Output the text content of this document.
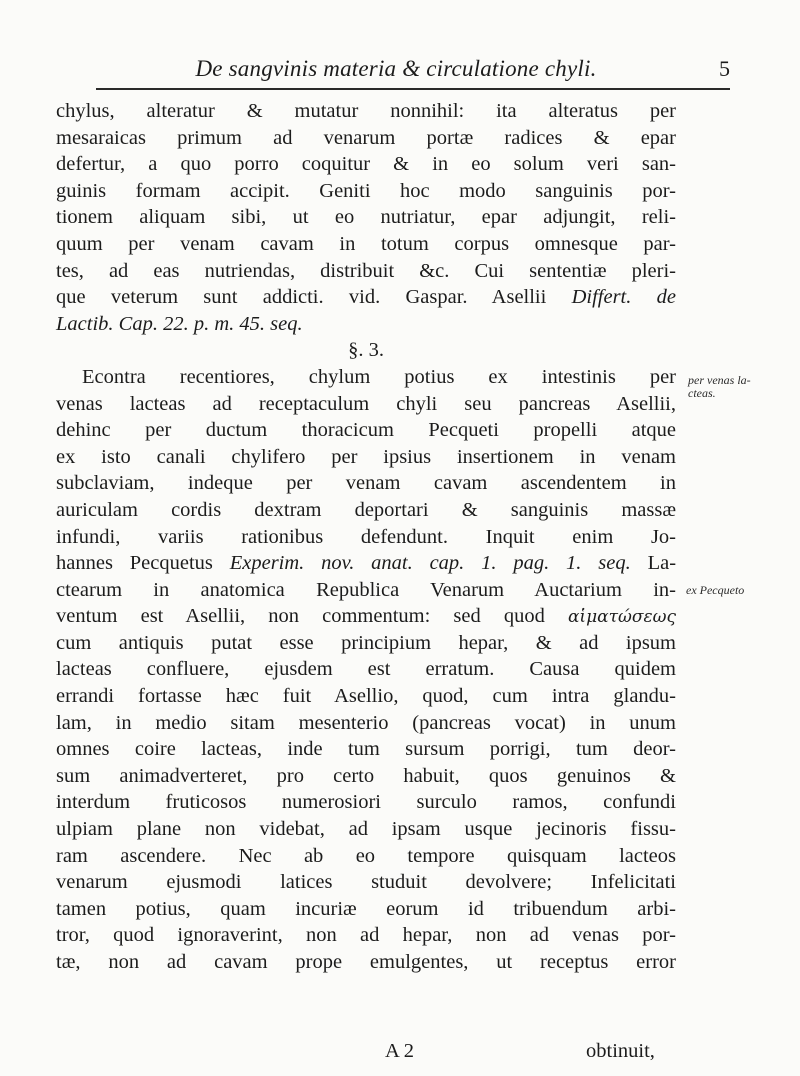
De sangvinis materia & circulatione chyli.	5
chylus, alteratur & mutatur nonnihil: ita alteratus per
mesaraicas primum ad venarum portæ radices & epar
defertur, a quo porro coquitur & in eo solum veri san-
guinis formam accipit. Geniti hoc modo sanguinis por-
tionem aliquam sibi, ut eo nutriatur, epar adjungit, reli-
quum per venam cavam in totum corpus omnesque par-
tes, ad eas nutriendas, distribuit &c. Cui sententiæ pleri-
que veterum sunt addicti. vid. Gaspar. Asellii Differt. de
Lactib. Cap. 22. p. m. 45. seq.
§. 3.
Econtra recentiores, chylum potius ex intestinis per
venas lacteas ad receptaculum chyli seu pancreas Asellii,
dehinc per ductum thoracicum Pecqueti propelli atque
ex isto canali chylifero per ipsius insertionem in venam
subclaviam, indeque per venam cavam ascendentem in
auriculam cordis dextram deportari & sanguinis massæ
infundi, variis rationibus defendunt. Inquit enim Jo-
hannes Pecquetus Experim. nov. anat. cap. 1. pag. 1. seq. La-
ctearum in anatomica Republica Venarum Auctarium in-
ventum est Asellii, non commentum: sed quod αἱματώσεως
cum antiquis putat esse principium hepar, & ad ipsum
lacteas confluere, ejusdem est erratum. Causa quidem
errandi fortasse hæc fuit Asellio, quod, cum intra glandu-
lam, in medio sitam mesenterio (pancreas vocat) in unum
omnes coire lacteas, inde tum sursum porrigi, tum deor-
sum animadverteret, pro certo habuit, quos genuinos &
interdum fruticosos numerosiori surculo ramos, confundi
ulpiam plane non videbat, ad ipsam usque jecinoris fissu-
ram ascendere. Nec ab eo tempore quisquam lacteos
venarum ejusmodi latices studuit devolvere; Infelicitati
tamen potius, quam incuriæ eorum id tribuendum arbi-
tror, quod ignoraverint, non ad hepar, non ad venas por-
tæ, non ad cavam prope emulgentes, ut receptus error
per venas la-
cteas.
ex Pecqueto
A 2	obtinuit,
